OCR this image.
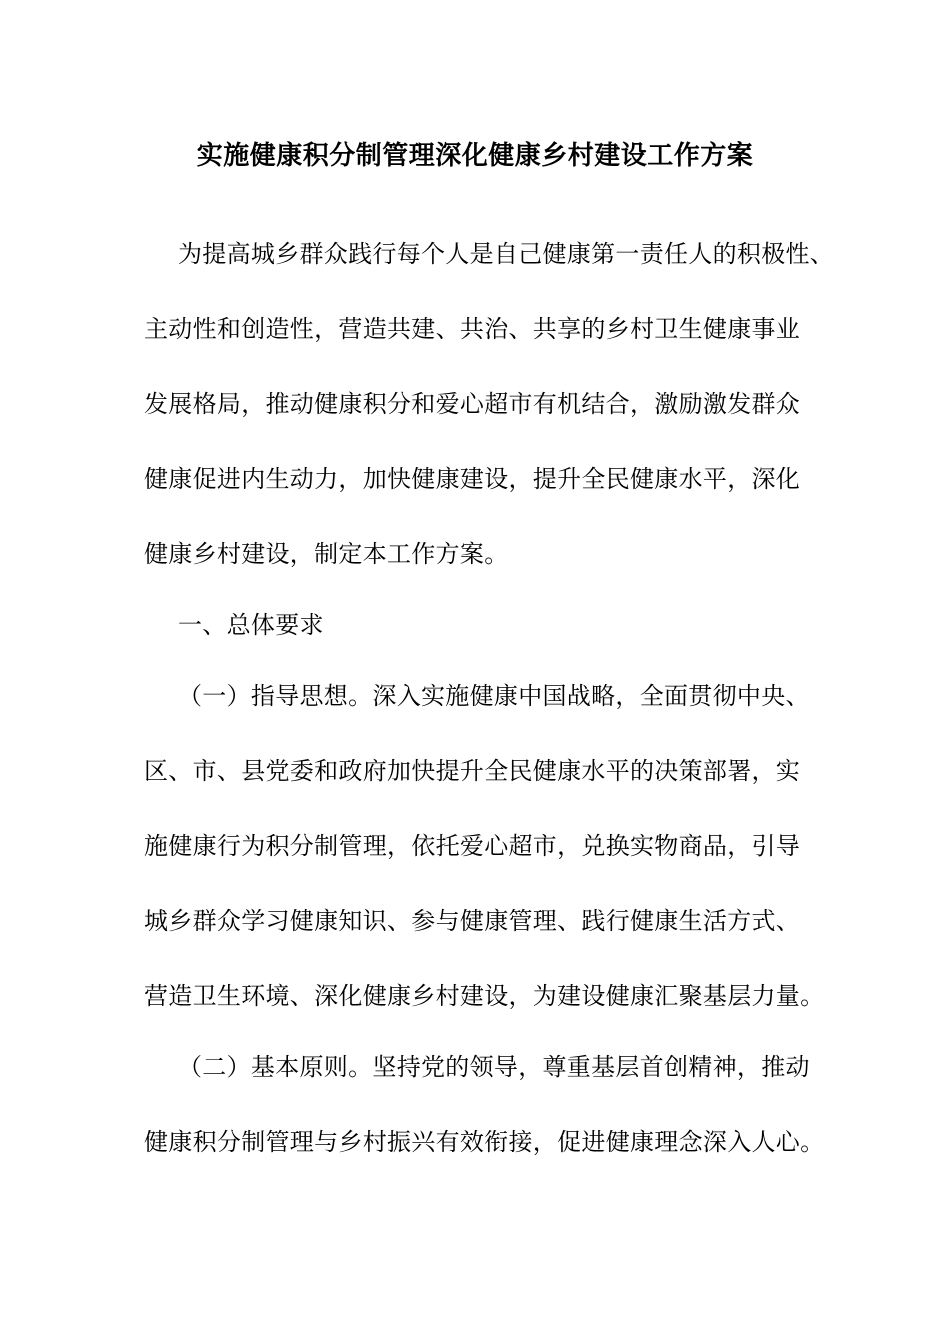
实施健康积分制管理深化健康乡村建设工作方案
为提高城乡群众践行每个人是自己健康第一责任人的积极性、
主动性和创造性，营造共建、共治、共享的乡村卫生健康事业
发展格局，推动健康积分和爱心超市有机结合，激励激发群众
健康促进内生动力，加快健康建设，提升全民健康水平，深化
健康乡村建设，制定本工作方案。
一、总体要求
（一）指导思想。深入实施健康中国战略，全面贯彻中央、
区、市、县党委和政府加快提升全民健康水平的决策部署，实
施健康行为积分制管理，依托爱心超市，兑换实物商品，引导
城乡群众学习健康知识、参与健康管理、践行健康生活方式、
营造卫生环境、深化健康乡村建设，为建设健康汇聚基层力量。
（二）基本原则。坚持党的领导，尊重基层首创精神，推动
健康积分制管理与乡村振兴有效衔接，促进健康理念深入人心。
